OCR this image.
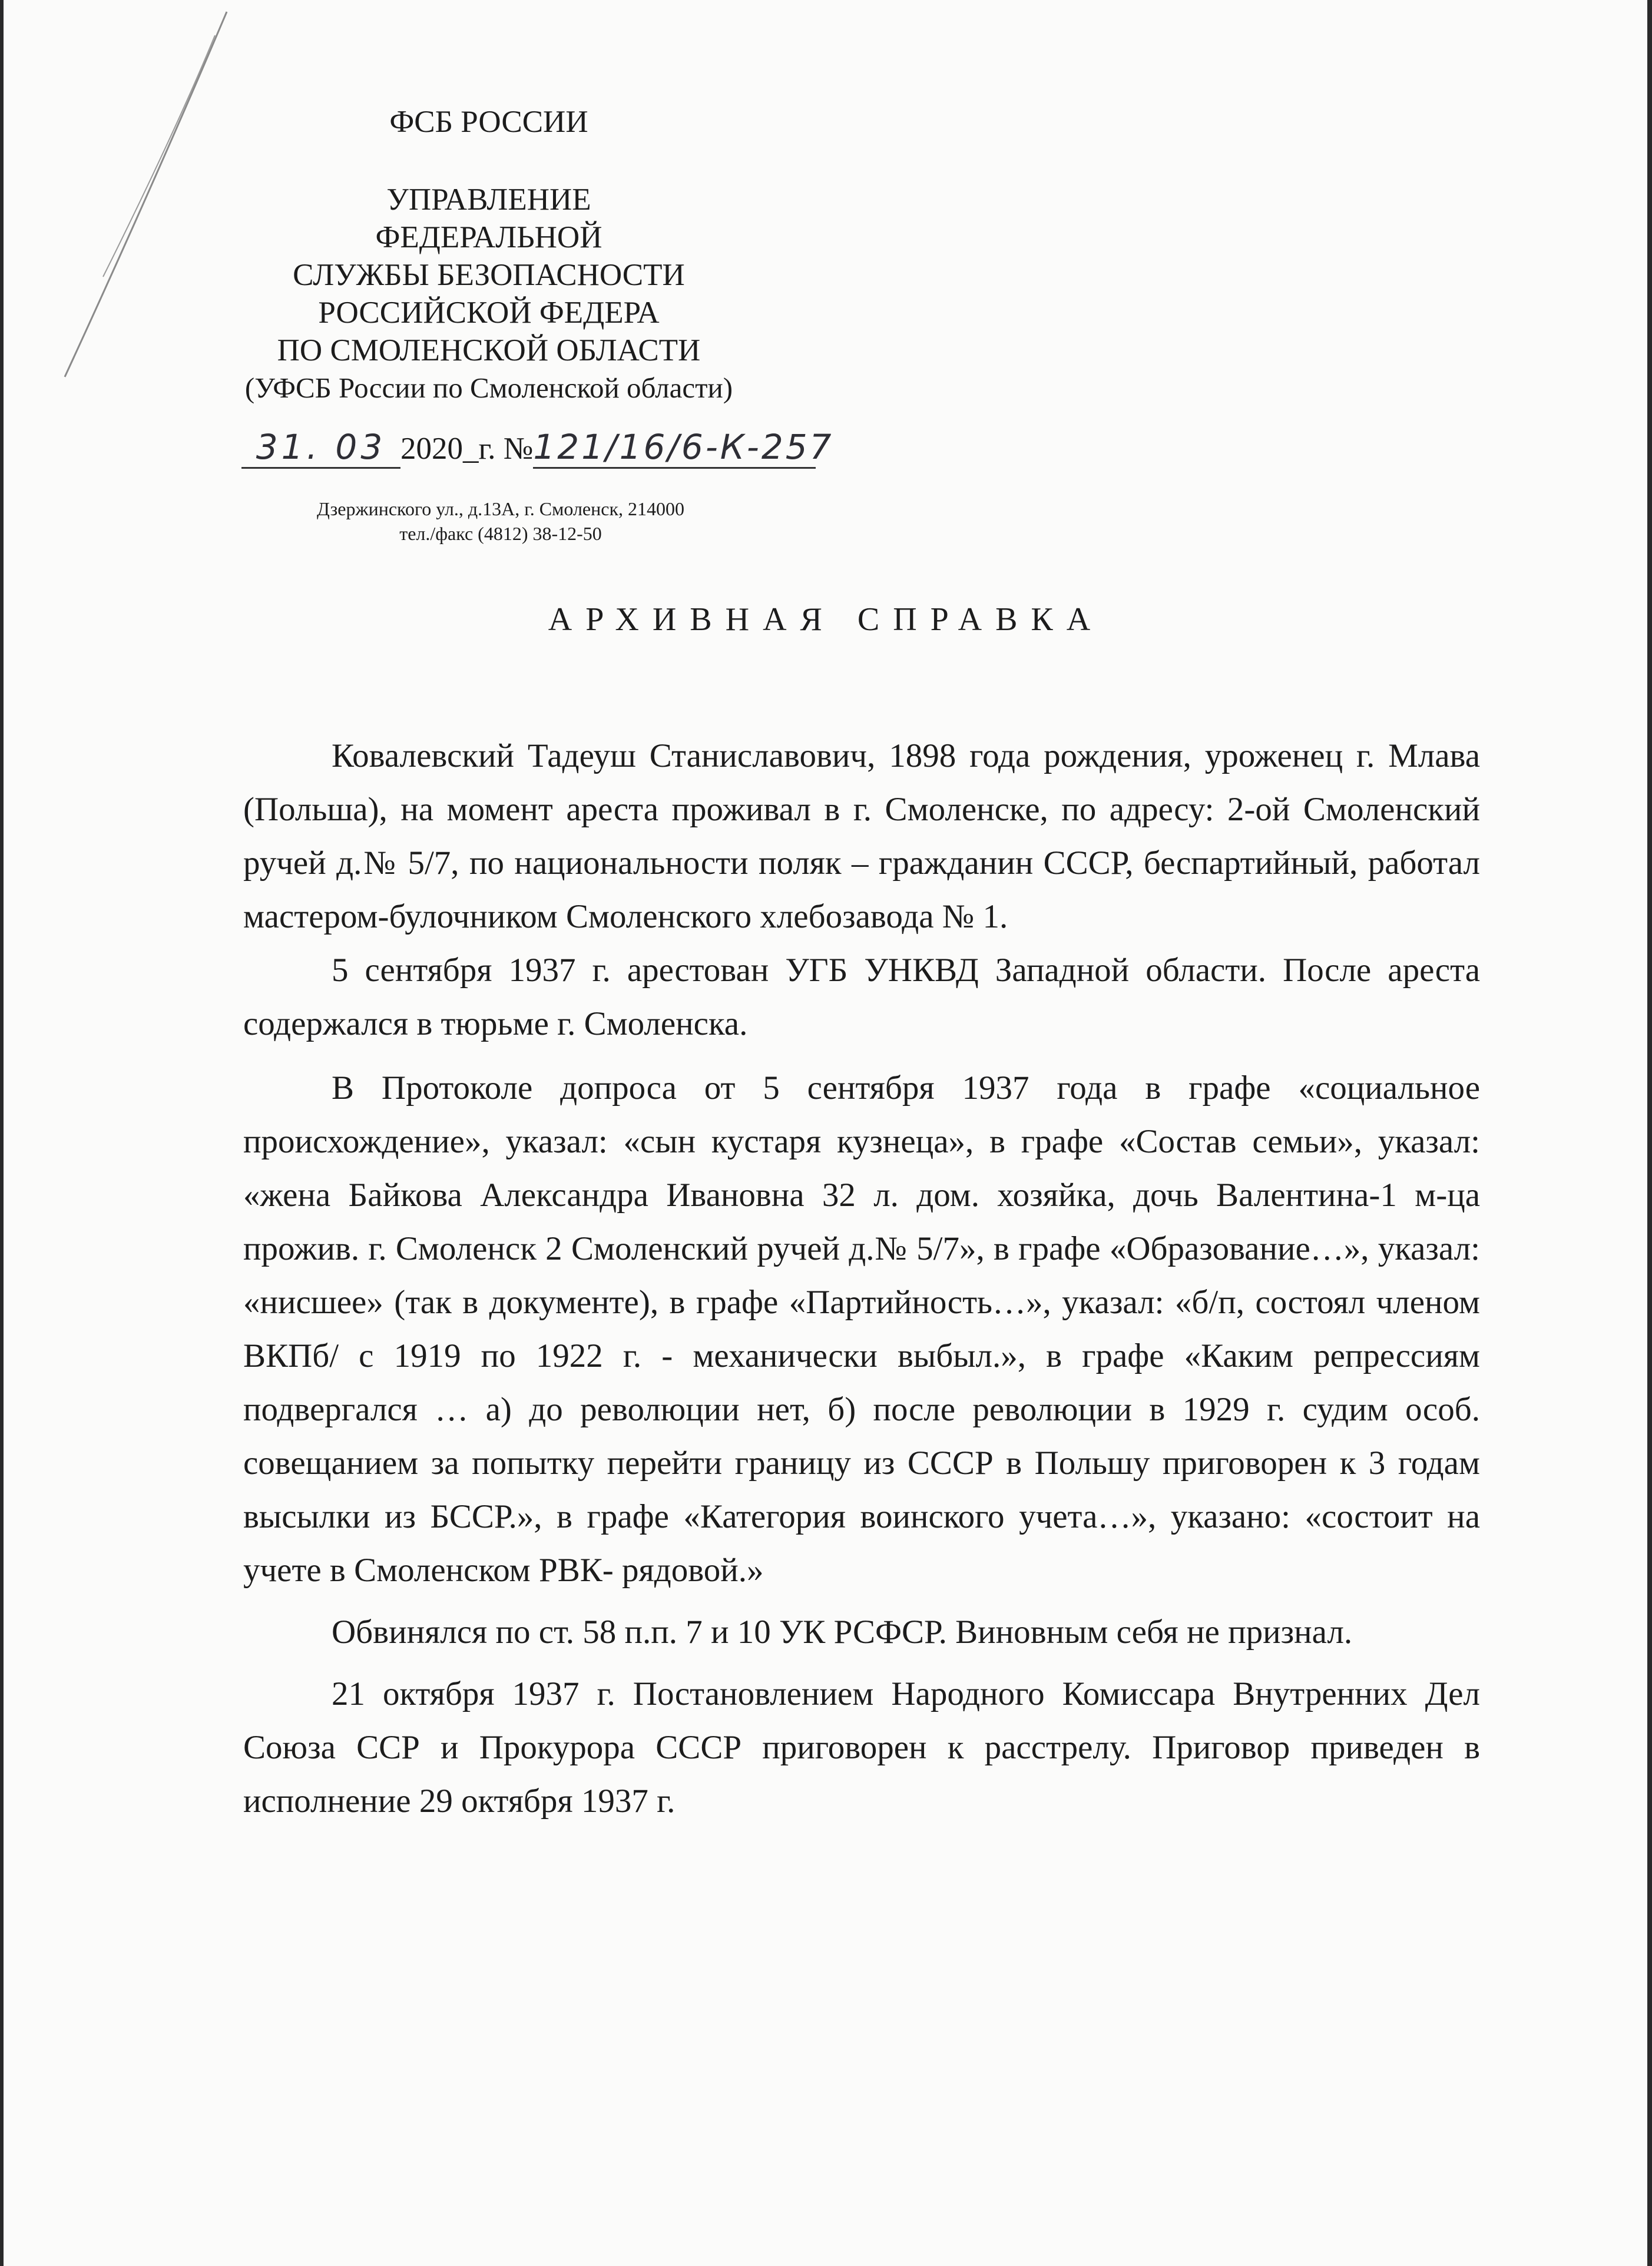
ФСБ РОССИИ
УПРАВЛЕНИЕ
ФЕДЕРАЛЬНОЙ
СЛУЖБЫ БЕЗОПАСНОСТИ
РОССИЙСКОЙ ФЕДЕРА
ПО СМОЛЕНСКОЙ ОБЛАСТИ
(УФСБ России по Смоленской области)
31. 03 2020_г. №121/16/6-К-257
Дзержинского ул., д.13А, г. Смоленск, 214000
тел./факс (4812) 38-12-50
АРХИВНАЯ СПРАВКА

Ковалевский Тадеуш Станиславович, 1898 года рождения, уроженец г. Млава (Польша), на момент ареста проживал в г. Смоленске, по адресу: 2-ой Смоленский ручей д.№ 5/7, по национальности поляк – гражданин СССР, беспартийный, работал мастером-булочником Смоленского хлебозавода № 1.

5 сентября 1937 г. арестован УГБ УНКВД Западной области. После ареста содержался в тюрьме г. Смоленска.

В Протоколе допроса от 5 сентября 1937 года в графе «социальное происхождение», указал: «сын кустаря кузнеца», в графе «Состав семьи», указал: «жена Байкова Александра Ивановна 32 л. дом. хозяйка, дочь Валентина-1 м-ца прожив. г. Смоленск 2 Смоленский ручей д.№ 5/7», в графе «Образование…», указал: «нисшее» (так в документе), в графе «Партийность…», указал: «б/п, состоял членом ВКПб/ с 1919 по 1922 г. - механически выбыл.», в графе «Каким репрессиям подвергался … а) до революции нет, б) после революции в 1929 г. судим особ. совещанием за попытку перейти границу из СССР в Польшу приговорен к 3 годам высылки из БССР.», в графе «Категория воинского учета…», указано: «состоит на учете в Смоленском РВК- рядовой.»

Обвинялся по ст. 58 п.п. 7 и 10 УК РСФСР. Виновным себя не признал.

21 октября 1937 г. Постановлением Народного Комиссара Внутренних Дел Союза ССР и Прокурора СССР приговорен к расстрелу. Приговор приведен в исполнение 29 октября 1937 г.
